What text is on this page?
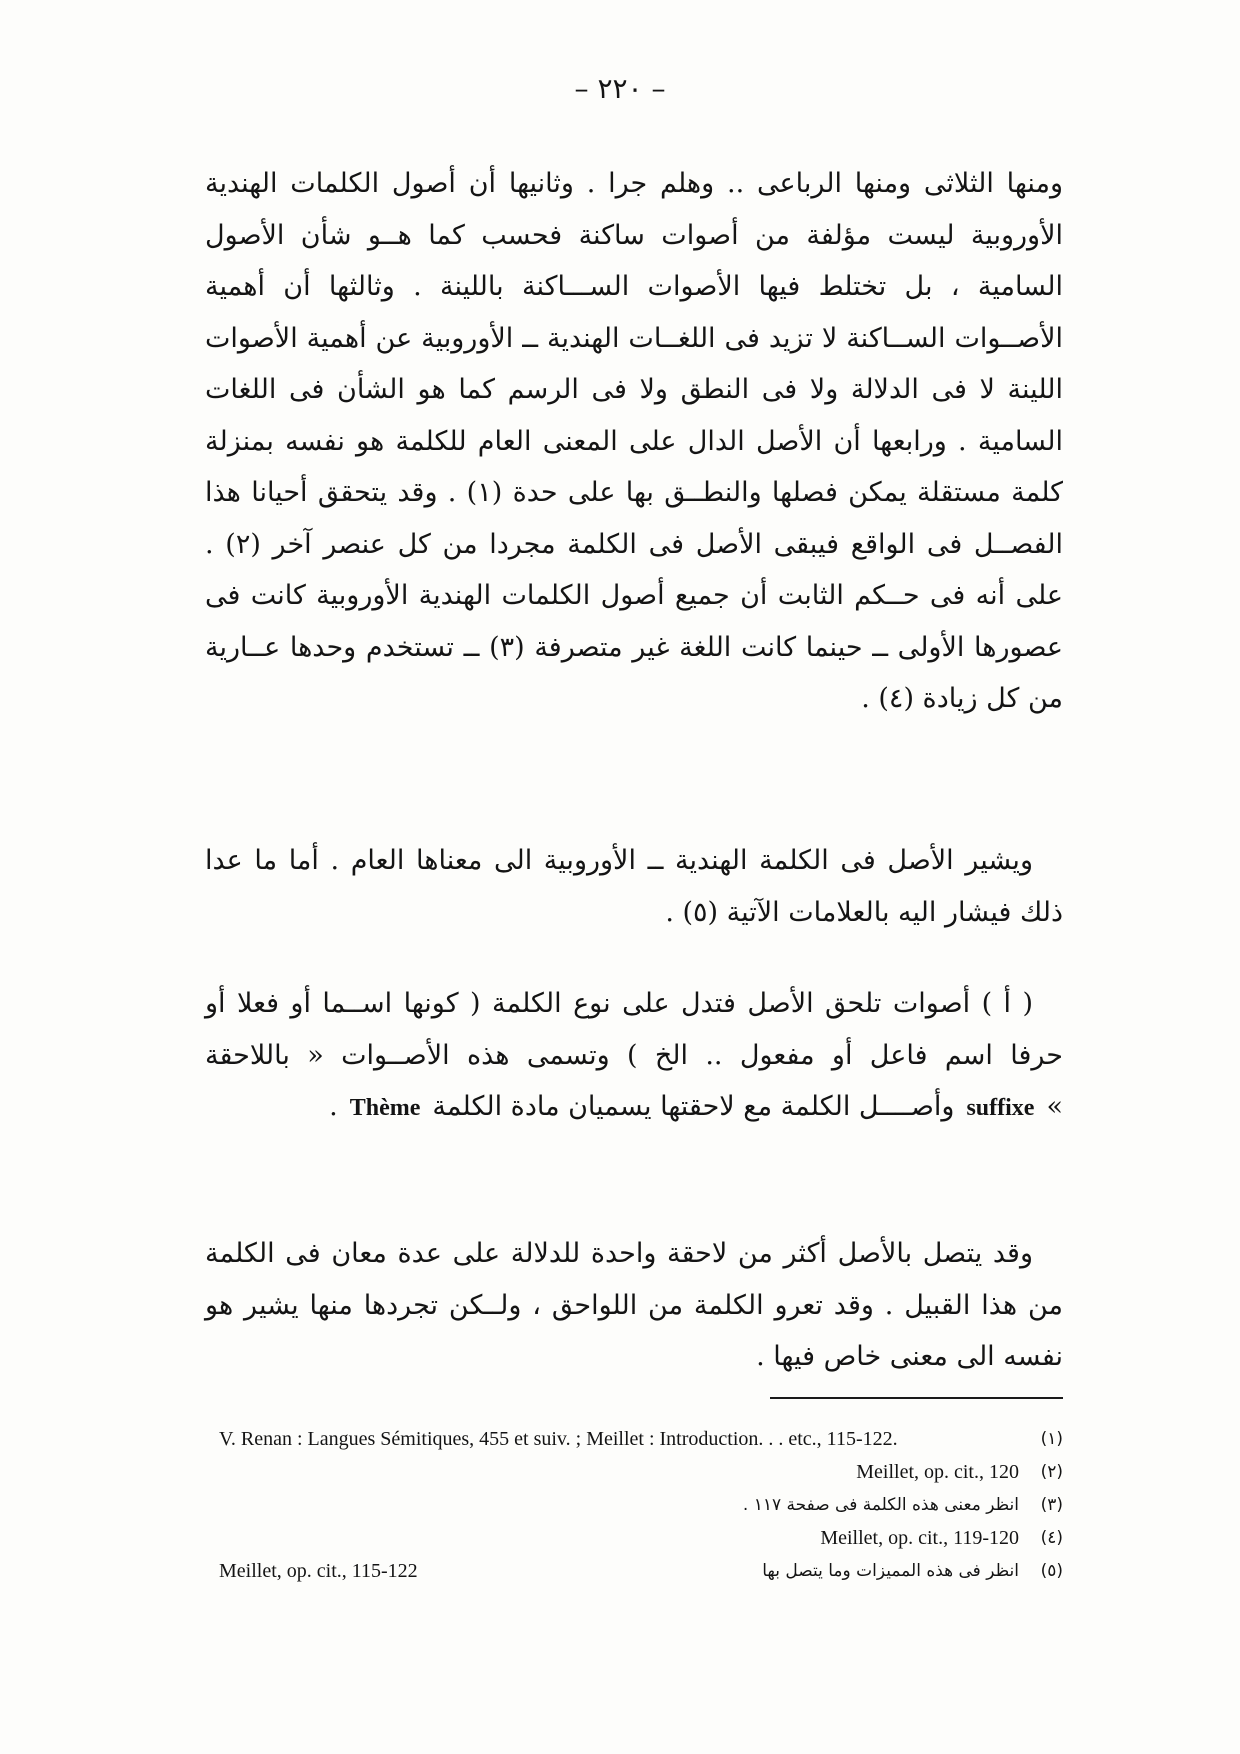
– ٢٢٠ –

ومنها الثلاثى ومنها الرباعى .. وهلم جرا . وثانيها أن أصول الكلمات الهندية الأوروبية ليست مؤلفة من أصوات ساكنة فحسب كما هــو شأن الأصول السامية ، بل تختلط فيها الأصوات الســـاكنة باللينة . وثالثها أن أهمية الأصــوات الســاكنة لا تزيد فى اللغــات الهندية ــ الأوروبية عن أهمية الأصوات اللينة لا فى الدلالة ولا فى النطق ولا فى الرسم كما هو الشأن فى اللغات السامية . ورابعها أن الأصل الدال على المعنى العام للكلمة هو نفسه بمنزلة كلمة مستقلة يمكن فصلها والنطــق بها على حدة (١) . وقد يتحقق أحيانا هذا الفصــل فى الواقع فيبقى الأصل فى الكلمة مجردا من كل عنصر آخر (٢) . على أنه فى حــكم الثابت أن جميع أصول الكلمات الهندية الأوروبية كانت فى عصورها الأولى ــ حينما كانت اللغة غير متصرفة (٣) ــ تستخدم وحدها عــارية من كل زيادة (٤) .

ويشير الأصل فى الكلمة الهندية ــ الأوروبية الى معناها العام . أما ما عدا ذلك فيشار اليه بالعلامات الآتية (٥) .

( أ ) أصوات تلحق الأصل فتدل على نوع الكلمة ( كونها اســما أو فعلا أو حرفا اسم فاعل أو مفعول .. الخ ) وتسمى هذه الأصــوات « باللاحقة »suffixeوأصــــل الكلمة مع لاحقتها يسميان مادة الكلمةThème.

وقد يتصل بالأصل أكثر من لاحقة واحدة للدلالة على عدة معان فى الكلمة من هذا القبيل . وقد تعرو الكلمة من اللواحق ، ولــكن تجردها منها يشير هو نفسه الى معنى خاص فيها .

(١)
V. Renan : Langues Sémitiques, 455 et suiv. ; Meillet : Introduction. . . etc., 115-122.
(٢)
Meillet, op. cit., 120
(٣)
انظر معنى هذه الكلمة فى صفحة ١١٧ .
(٤)
Meillet, op. cit., 119-120
(٥)
انظر فى هذه المميزات وما يتصل بها
Meillet, op. cit., 115-122
